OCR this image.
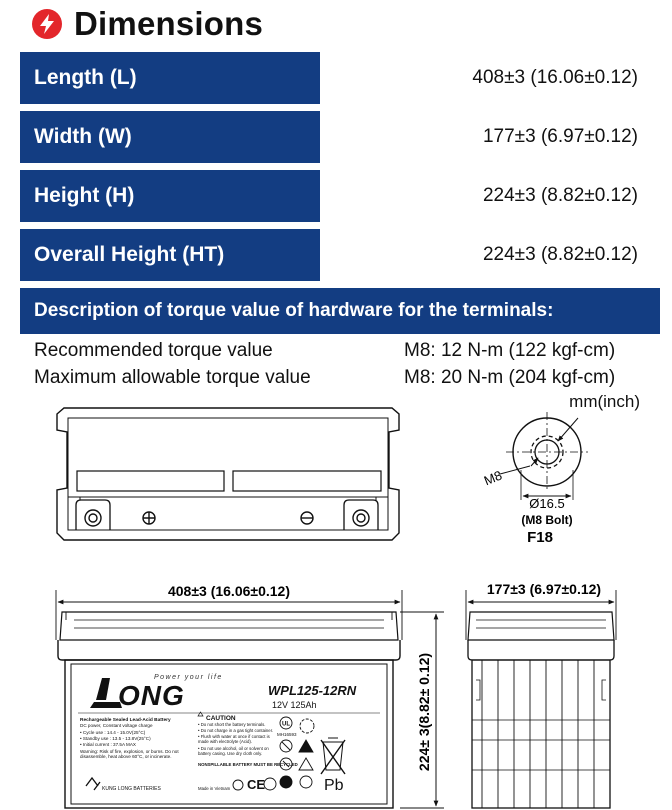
Dimensions
Length (L)	408±3 (16.06±0.12)
Width (W)	177±3 (6.97±0.12)
Height (H)	224±3 (8.82±0.12)
Overall Height (HT)	224±3 (8.82±0.12)
Description of torque value of hardware for the terminals:
Recommended torque value	M8: 12 N-m (122 kgf-cm)
Maximum allowable torque value	M8: 20 N-m (204 kgf-cm)
mm(inch)
M8
Ø16.5
(M8 Bolt)
F18
408±3 (16.06±0.12)
Power your life
ONG	WPL125-12RN
12V 125Ah
Rechargeable Sealed Lead-Acid Battery
DC power, Constant voltage charge
• Cycle use : 14.4 - 15.0V(25°C)
• Standby use : 13.5 - 13.8V(25°C)
• Initial current : 37.5A MAX
Warning: Risk of fire, explosion, or burns. Do not disassemble, heat above 60°C, or incinerate.
KUNG LONG BATTERIES
CAUTION
• Do not short the battery terminals.
• Do not charge in a gas tight container.
• Flush with water at once if contact is made with electrolyte (Acid).
• Do not use alcohol, oil or solvent on battery casing. Use dry cloth only.
NONSPILLABLE BATTERY MUST BE RECYCLED
Made in Vietnam
UL
MH16593
CE	Pb
224± 3(8.82± 0.12)
177±3 (6.97±0.12)
